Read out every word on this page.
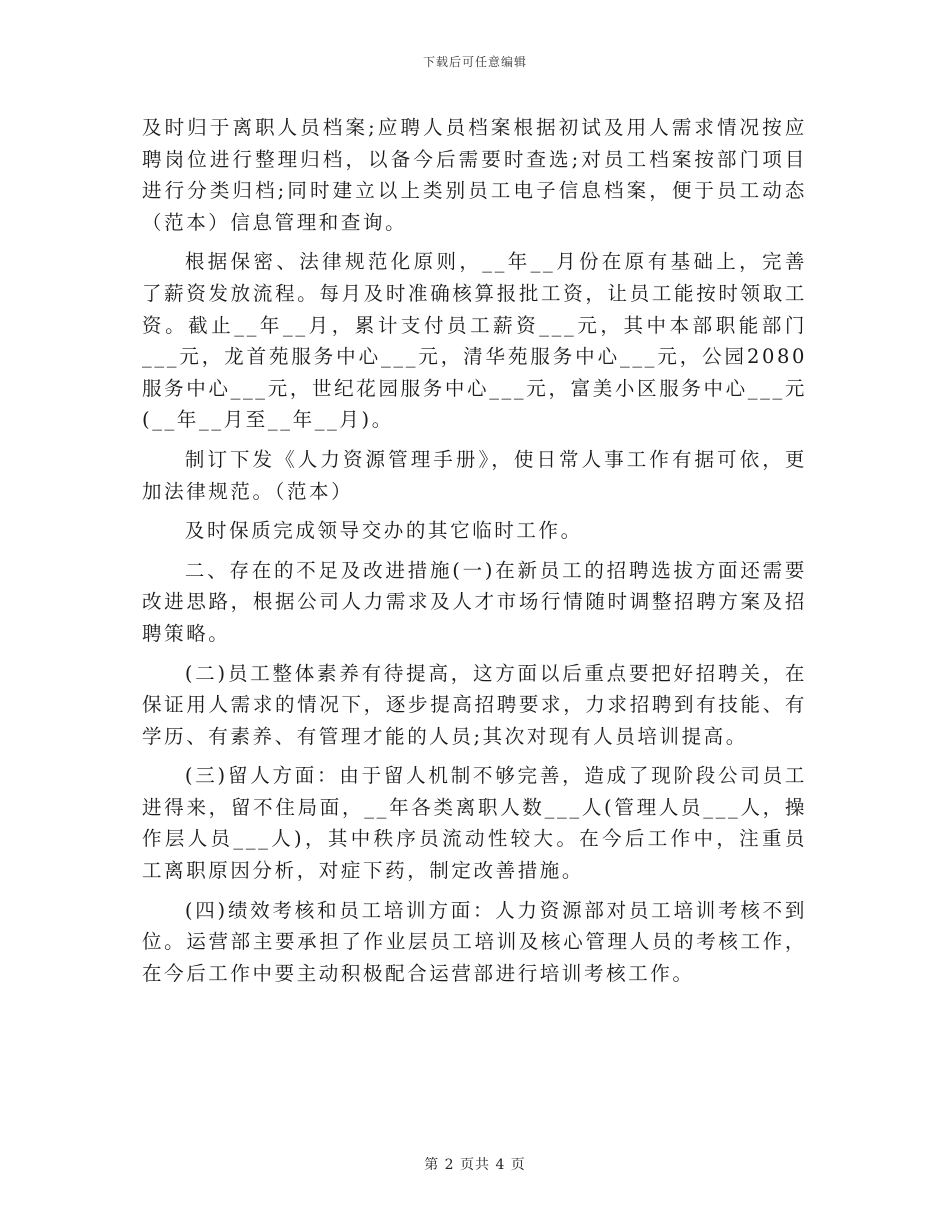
下载后可任意编辑

及时归于离职人员档案;应聘人员档案根据初试及用人需求情况按应聘岗位进行整理归档，以备今后需要时查选;对员工档案按部门项目进行分类归档;同时建立以上类别员工电子信息档案，便于员工动态（范本）信息管理和查询。

根据保密、法律规范化原则，__年__月份在原有基础上，完善了薪资发放流程。每月及时准确核算报批工资，让员工能按时领取工资。截止__年__月，累计支付员工薪资___元，其中本部职能部门___元，龙首苑服务中心___元，清华苑服务中心___元，公园2080服务中心___元，世纪花园服务中心___元，富美小区服务中心___元(__年__月至__年__月)。

制订下发《人力资源管理手册》，使日常人事工作有据可依，更加法律规范。（范本）

及时保质完成领导交办的其它临时工作。

二、存在的不足及改进措施(一)在新员工的招聘选拔方面还需要改进思路，根据公司人力需求及人才市场行情随时调整招聘方案及招聘策略。

(二)员工整体素养有待提高，这方面以后重点要把好招聘关，在保证用人需求的情况下，逐步提高招聘要求，力求招聘到有技能、有学历、有素养、有管理才能的人员;其次对现有人员培训提高。

(三)留人方面：由于留人机制不够完善，造成了现阶段公司员工进得来，留不住局面，__年各类离职人数___人(管理人员___人，操作层人员___人)，其中秩序员流动性较大。在今后工作中，注重员工离职原因分析，对症下药，制定改善措施。

(四)绩效考核和员工培训方面：人力资源部对员工培训考核不到位。运营部主要承担了作业层员工培训及核心管理人员的考核工作，在今后工作中要主动积极配合运营部进行培训考核工作。

第 2 页共 4 页
